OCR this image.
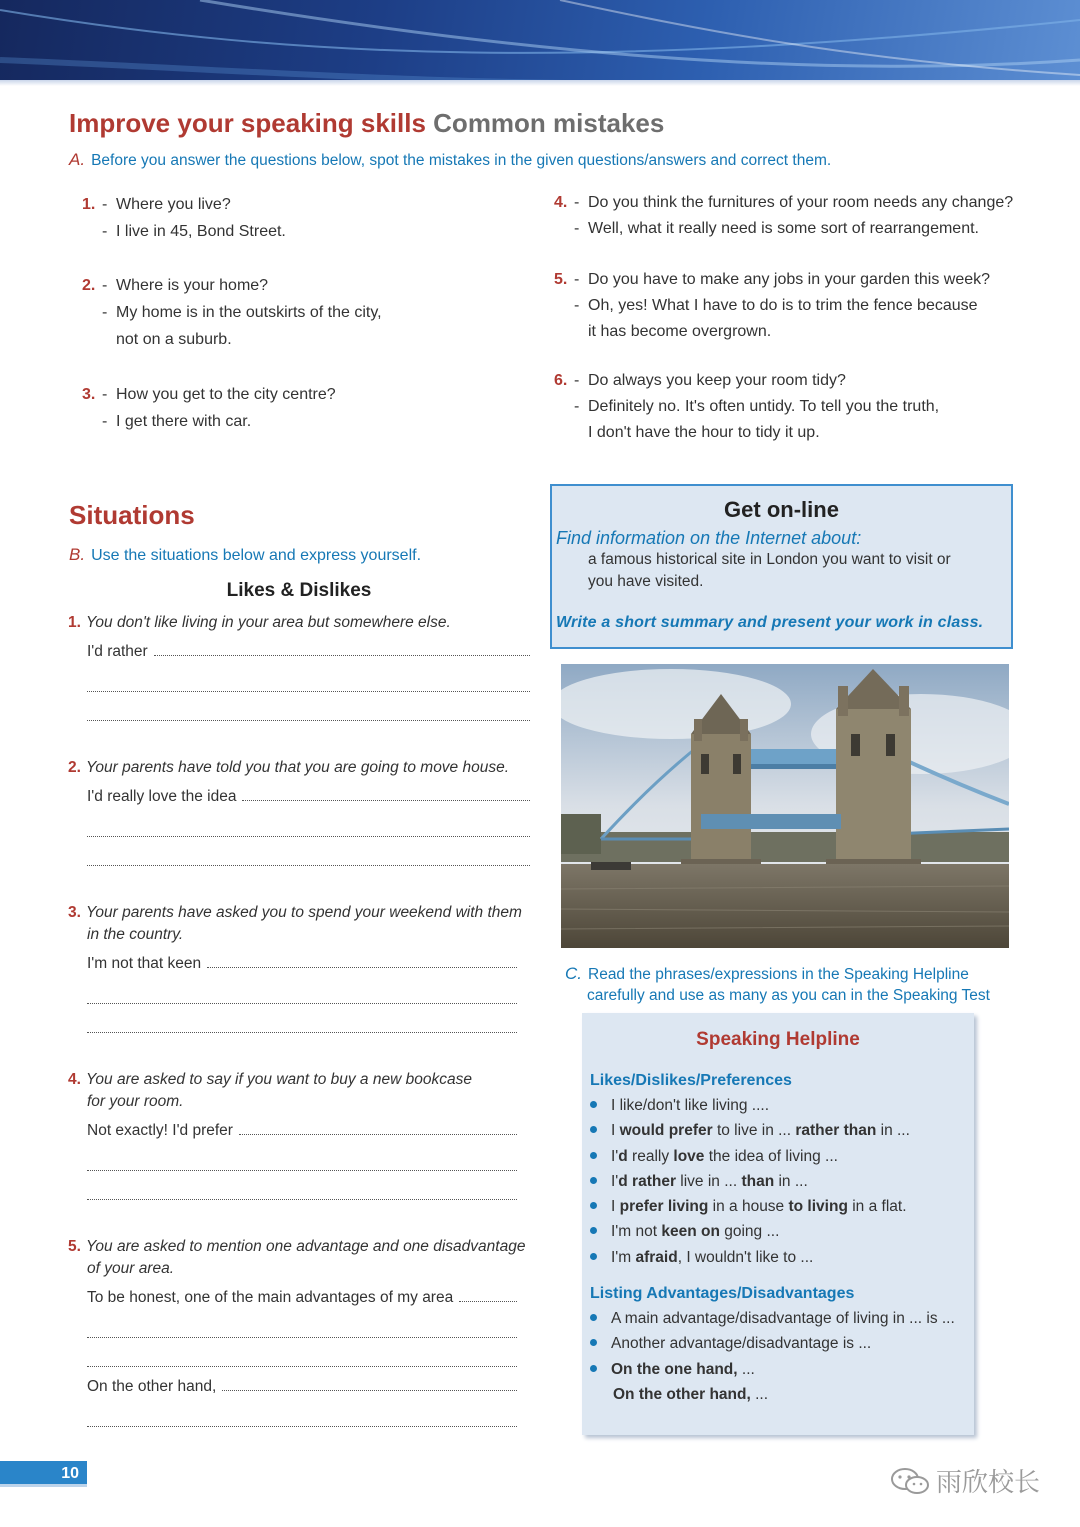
Improve your speaking skills Common mistakes
A. Before you answer the questions below, spot the mistakes in the given questions/answers and correct them.
1. - Where you live?
- I live in 45, Bond Street.
2. - Where is your home?
- My home is in the outskirts of the city,
not on a suburb.
3. - How you get to the city centre?
- I get there with car.
4. - Do you think the furnitures of your room needs any change?
- Well, what it really need is some sort of rearrangement.
5. - Do you have to make any jobs in your garden this week?
- Oh, yes! What I have to do is to trim the fence because
it has become overgrown.
6. - Do always you keep your room tidy?
- Definitely no. It's often untidy. To tell you the truth,
I don't have the hour to tidy it up.
Situations
B. Use the situations below and express yourself.
Likes & Dislikes
1. You don't like living in your area but somewhere else.
I'd rather
2. Your parents have told you that you are going to move house.
I'd really love the idea
3. Your parents have asked you to spend your weekend with them
in the country.
I'm not that keen
4. You are asked to say if you want to buy a new bookcase
for your room.
Not exactly! I'd prefer
5. You are asked to mention one advantage and one disadvantage
of your area.
To be honest, one of the main advantages of my area
On the other hand,
Get on-line
Find information on the Internet about:
a famous historical site in London you want to visit or
you have visited.
Write a short summary and present your work in class.
C. Read the phrases/expressions in the Speaking Helpline
carefully and use as many as you can in the Speaking Test
Speaking Helpline
Likes/Dislikes/Preferences
I like/don't like living ....
I would prefer to live in ... rather than in ...
I'd really love the idea of living ...
I'd rather live in ... than in ...
I prefer living in a house to living in a flat.
I'm not keen on going ...
I'm afraid, I wouldn't like to ...
Listing Advantages/Disadvantages
A main advantage/disadvantage of living in ... is ...
Another advantage/disadvantage is ...
On the one hand, ...
On the other hand, ...
10	雨欣校长
